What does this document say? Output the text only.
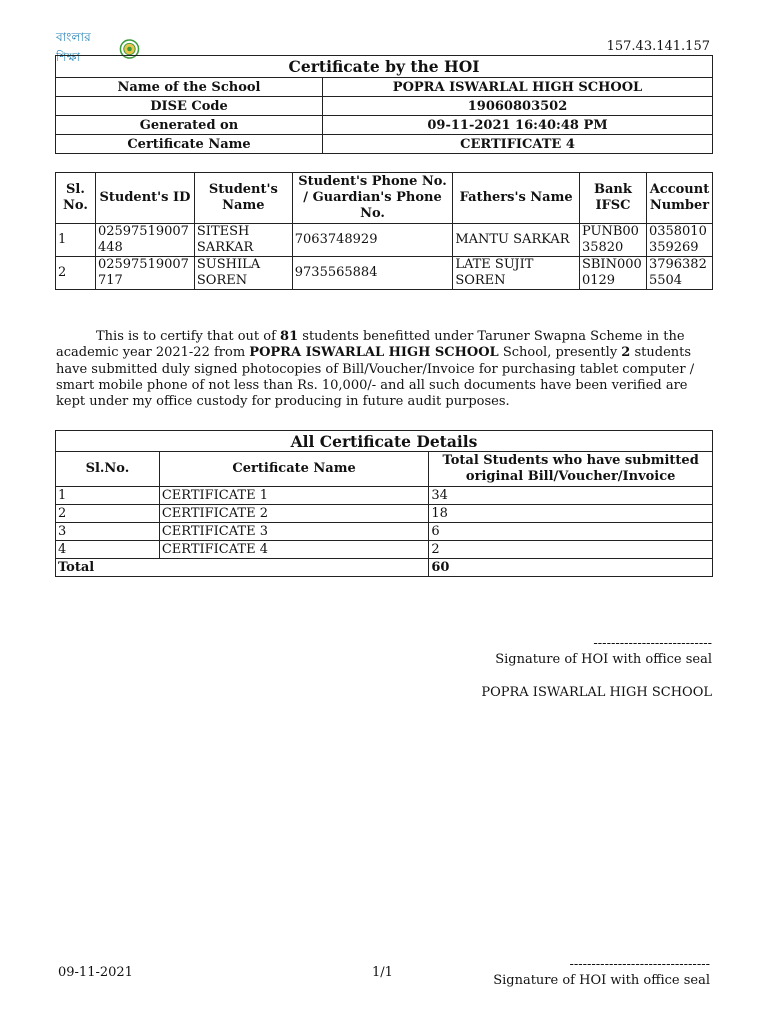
বাংলার শিক্ষা
157.43.141.157
Certificate by the HOI	
Name of the School	POPRA ISWARLAL HIGH SCHOOL
DISE Code	19060803502
Generated on	09-11-2021 16:40:48 PM
Certificate Name	CERTIFICATE 4
Sl. No.	Student's ID	Student's Name	Student's Phone No. / Guardian's Phone No.	Fathers's Name	Bank IFSC	Account Number
1	02597519007 448	SITESH SARKAR	7063748929	MANTU SARKAR	PUNB00 35820	0358010 359269
2	02597519007 717	SUSHILA SOREN	9735565884	LATE SUJIT SOREN	SBIN000 0129	3796382 5504
This is to certify that out of 81 students benefitted under Taruner Swapna Scheme in the academic year 2021-22 from POPRA ISWARLAL HIGH SCHOOL School, presently 2 students have submitted duly signed photocopies of Bill/Voucher/Invoice for purchasing tablet computer / smart mobile phone of not less than Rs. 10,000/- and all such documents have been verified are kept under my office custody for producing in future audit purposes.
All Certificate Details		
Sl.No.	Certificate Name	Total Students who have submitted original Bill/Voucher/Invoice
1	CERTIFICATE 1	34
2	CERTIFICATE 2	18
3	CERTIFICATE 3	6
4	CERTIFICATE 4	2
Total		60
---------------------------
Signature of HOI with office seal
POPRA ISWARLAL HIGH SCHOOL
09-11-2021	1/1
--------------------------------
Signature of HOI with office seal
